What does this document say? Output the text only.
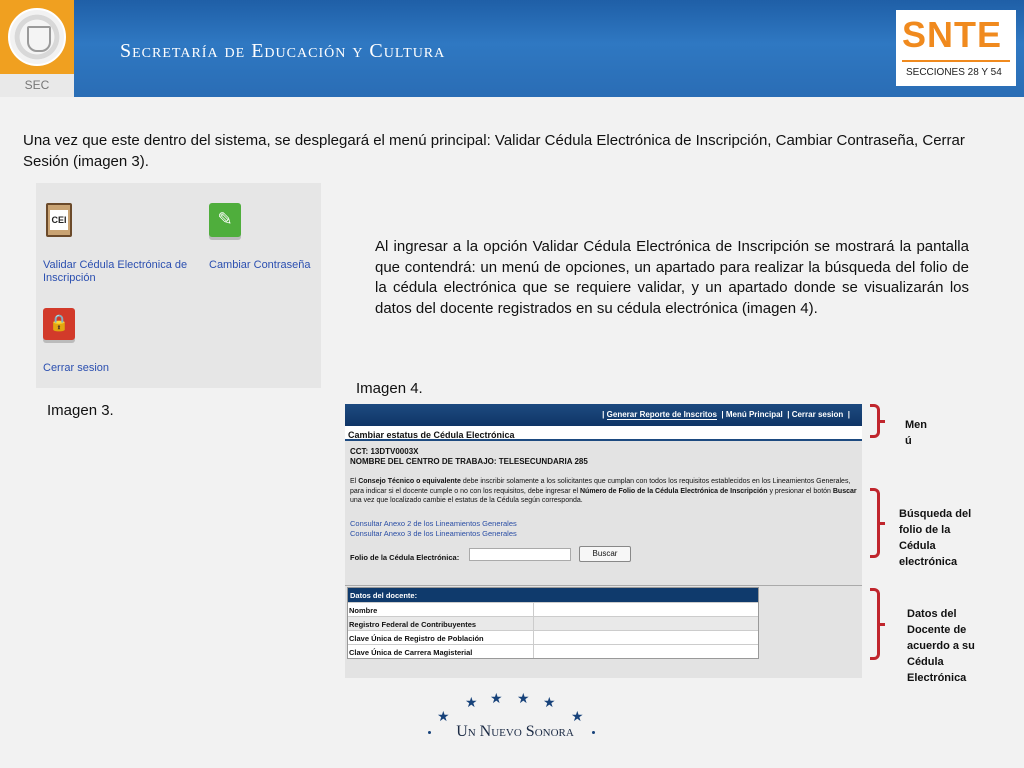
SEC
Secretaría de Educación y Cultura	SNTE
SECCIONES 28 Y 54
Una vez que este dentro del sistema, se desplegará el menú principal: Validar Cédula Electrónica de Inscripción, Cambiar Contraseña, Cerrar Sesión (imagen 3).
CEI	✎
🔒
Validar Cédula Electrónica de Inscripción
Cambiar Contraseña
Cerrar sesion
Imagen 3.
Al ingresar a la opción Validar Cédula Electrónica de Inscripción se mostrará la pantalla que contendrá: un menú de opciones, un apartado para realizar la búsqueda del folio de la cédula electrónica que se requiere validar, y un apartado donde se visualizarán los datos del docente registrados en su cédula electrónica (imagen 4).
Imagen 4.
| Generar Reporte de Inscritos | Menú Principal | Cerrar sesion |
Cambiar estatus de Cédula Electrónica
CCT: 13DTV0003X
NOMBRE DEL CENTRO DE TRABAJO: TELESECUNDARIA 285
El Consejo Técnico o equivalente debe inscribir solamente a los solicitantes que cumplan con todos los requisitos establecidos en los Lineamientos Generales, para indicar si el docente cumple o no con los requisitos, debe ingresar el Número de Folio de la Cédula Electrónica de Inscripción y presionar el botón Buscar una vez que localizado cambie el estatus de la Cédula según corresponda.
Consultar Anexo 2 de los Lineamientos Generales
Consultar Anexo 3 de los Lineamientos Generales
Folio de la Cédula Electrónica:	Buscar
Datos del docente:
Nombre
Registro Federal de Contribuyentes
Clave Única de Registro de Población
Clave Única de Carrera Magisterial
Men
ú
Búsqueda del folio de la Cédula electrónica
Datos del Docente de acuerdo a su Cédula Electrónica
★
★ ★ ★ ★
★
Un Nuevo Sonora
